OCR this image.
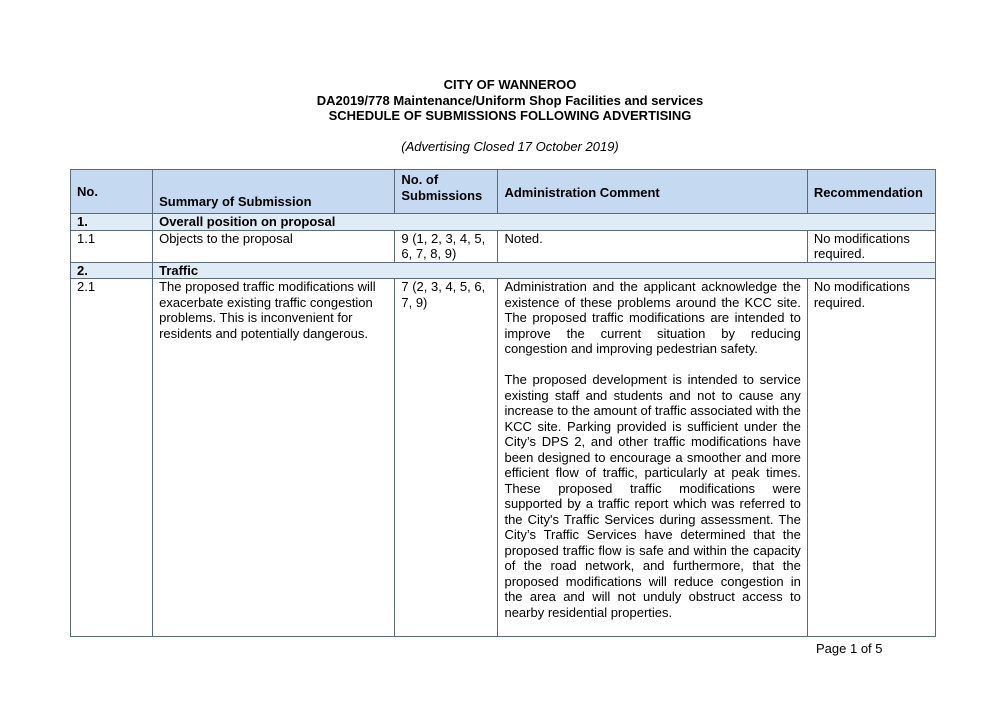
CITY OF WANNEROO
DA2019/778 Maintenance/Uniform Shop Facilities and services
SCHEDULE OF SUBMISSIONS FOLLOWING ADVERTISING
(Advertising Closed 17 October 2019)
No.	Summary of Submission	No. of Submissions	Administration Comment	Recommendation
1.	Overall position on proposal			
1.1	Objects to the proposal	9 (1, 2, 3, 4, 5, 6, 7, 8, 9)	Noted.	No modifications required.
2.	Traffic			
2.1	The proposed traffic modifications will exacerbate existing traffic congestion problems. This is inconvenient for residents and potentially dangerous.	7 (2, 3, 4, 5, 6, 7, 9)	Administration and the applicant acknowledge the existence of these problems around the KCC site. The proposed traffic modifications are intended to improve the current situation by reducing congestion and improving pedestrian safety.
The proposed development is intended to service existing staff and students and not to cause any increase to the amount of traffic associated with the KCC site. Parking provided is sufficient under the City’s DPS 2, and other traffic modifications have been designed to encourage a smoother and more efficient flow of traffic, particularly at peak times. These proposed traffic modifications were supported by a traffic report which was referred to the City's Traffic Services during assessment. The City’s Traffic Services have determined that the proposed traffic flow is safe and within the capacity of the road network, and furthermore, that the proposed modifications will reduce congestion in the area and will not unduly obstruct access to nearby residential properties.	No modifications required.
Page 1 of 5
